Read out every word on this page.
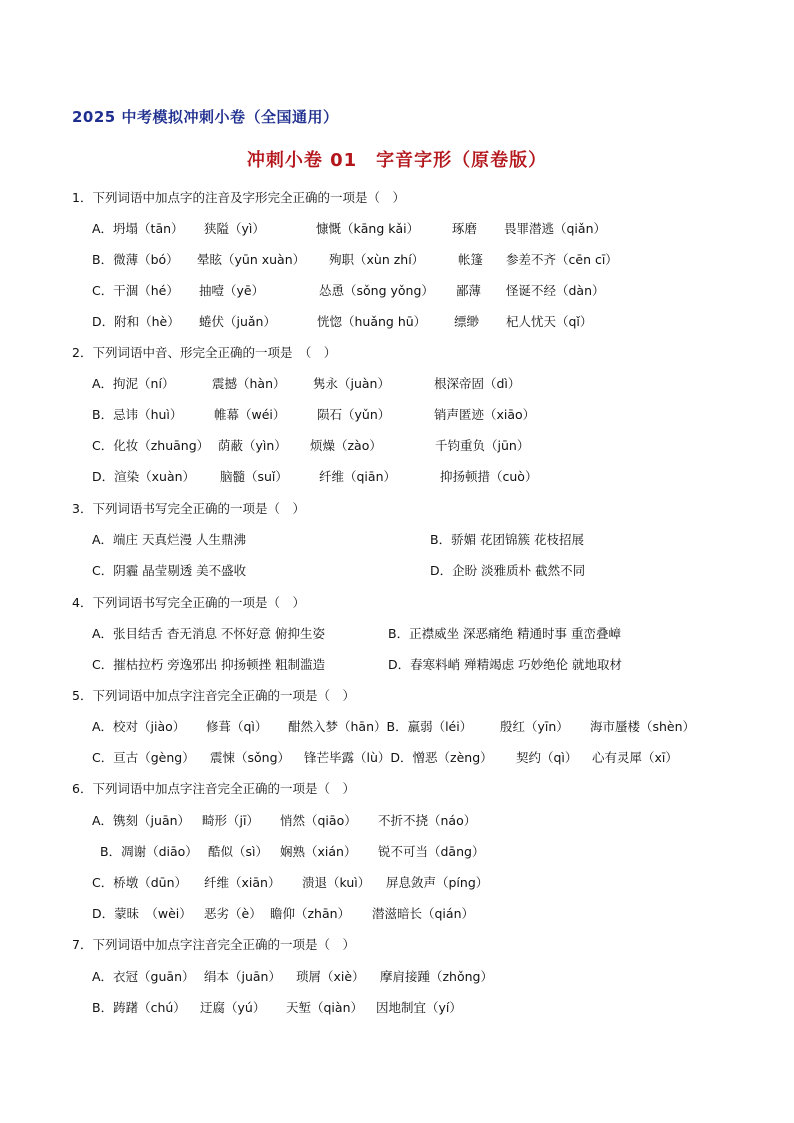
2025 中考模拟冲刺小卷（全国通用）
冲刺小卷 01　字音字形（原卷版）
1．下列词语中加点字的注音及字形完全正确的一项是（　）
A．坍塌（tān） 狭隘（yì）	慷慨（kāng kǎi）	琢磨 畏罪潜逃（qiǎn）
B．微薄（bó） 晕眩（yūn xuàn） 殉职（xùn zhí）	帐篷 参差不齐（cēn cī）
C．干涸（hé） 抽噎（yē）	怂恿（sǒng yǒng） 鄙薄 怪诞不经（dàn）
D．附和（hè） 蜷伏（juǎn）	恍惚（huǎng hū） 缥缈 杞人忧天（qǐ）
2．下列词语中音、形完全正确的一项是　（　）
A．拘泥（ní）	震撼（hàn） 隽永（juàn）	根深帝固（dì）
B．忌讳（huì）	帷幕（wéi）	陨石（yǔn）	销声匿迹（xiāo）
C．化妆（zhuāng） 荫蔽（yìn） 烦燥（zào）	千钧重负（jūn）
D．渲染（xuàn） 脑髓（suǐ） 纤维（qiān）	抑扬顿措（cuò）
3．下列词语书写完全正确的一项是（　）
A．端庄 天真烂漫 人生鼎沸	B．骄媚 花团锦簇 花枝招展
C．阴霾 晶莹剔透 美不盛收	D．企盼 淡雅质朴 截然不同
4．下列词语书写完全正确的一项是（　）
A．张目结舌 杳无消息 不怀好意 俯抑生姿	B．正襟威坐 深恶痛绝 精通时事 重峦叠嶂
C．摧枯拉朽 旁逸邪出 抑扬顿挫 粗制滥造	D．春寒料峭 殚精竭虑 巧妙绝伦 就地取材
5．下列词语中加点字注音完全正确的一项是（　）
A．校对（jiào） 修葺（qì） 酣然入梦（hān）B．羸弱（léi） 殷红（yīn） 海市蜃楼（shèn）
C．亘古（gèng） 震悚（sǒng） 锋芒毕露（lù）D．憎恶（zèng） 契约（qì） 心有灵犀（xī）
6．下列词语中加点字注音完全正确的一项是（　）
A．镌刻（juān） 畸形（jī） 悄然（qiāo） 不折不挠（náo）
B．凋谢（diāo） 酷似（sì） 娴熟（xián） 锐不可当（dāng）
C．桥墩（dūn） 纤维（xiān） 溃退（kuì） 屏息敛声（píng）
D．蒙昧　（wèi） 恶劣（è） 瞻仰（zhān） 潜滋暗长（qián）
7．下列词语中加点字注音完全正确的一项是（　）
A．衣冠（guān） 绢本（juān） 琐屑（xiè） 摩肩接踵（zhǒng）
B．踌躇（chú） 迂腐（yú） 天堑（qiàn） 因地制宜（yí）
